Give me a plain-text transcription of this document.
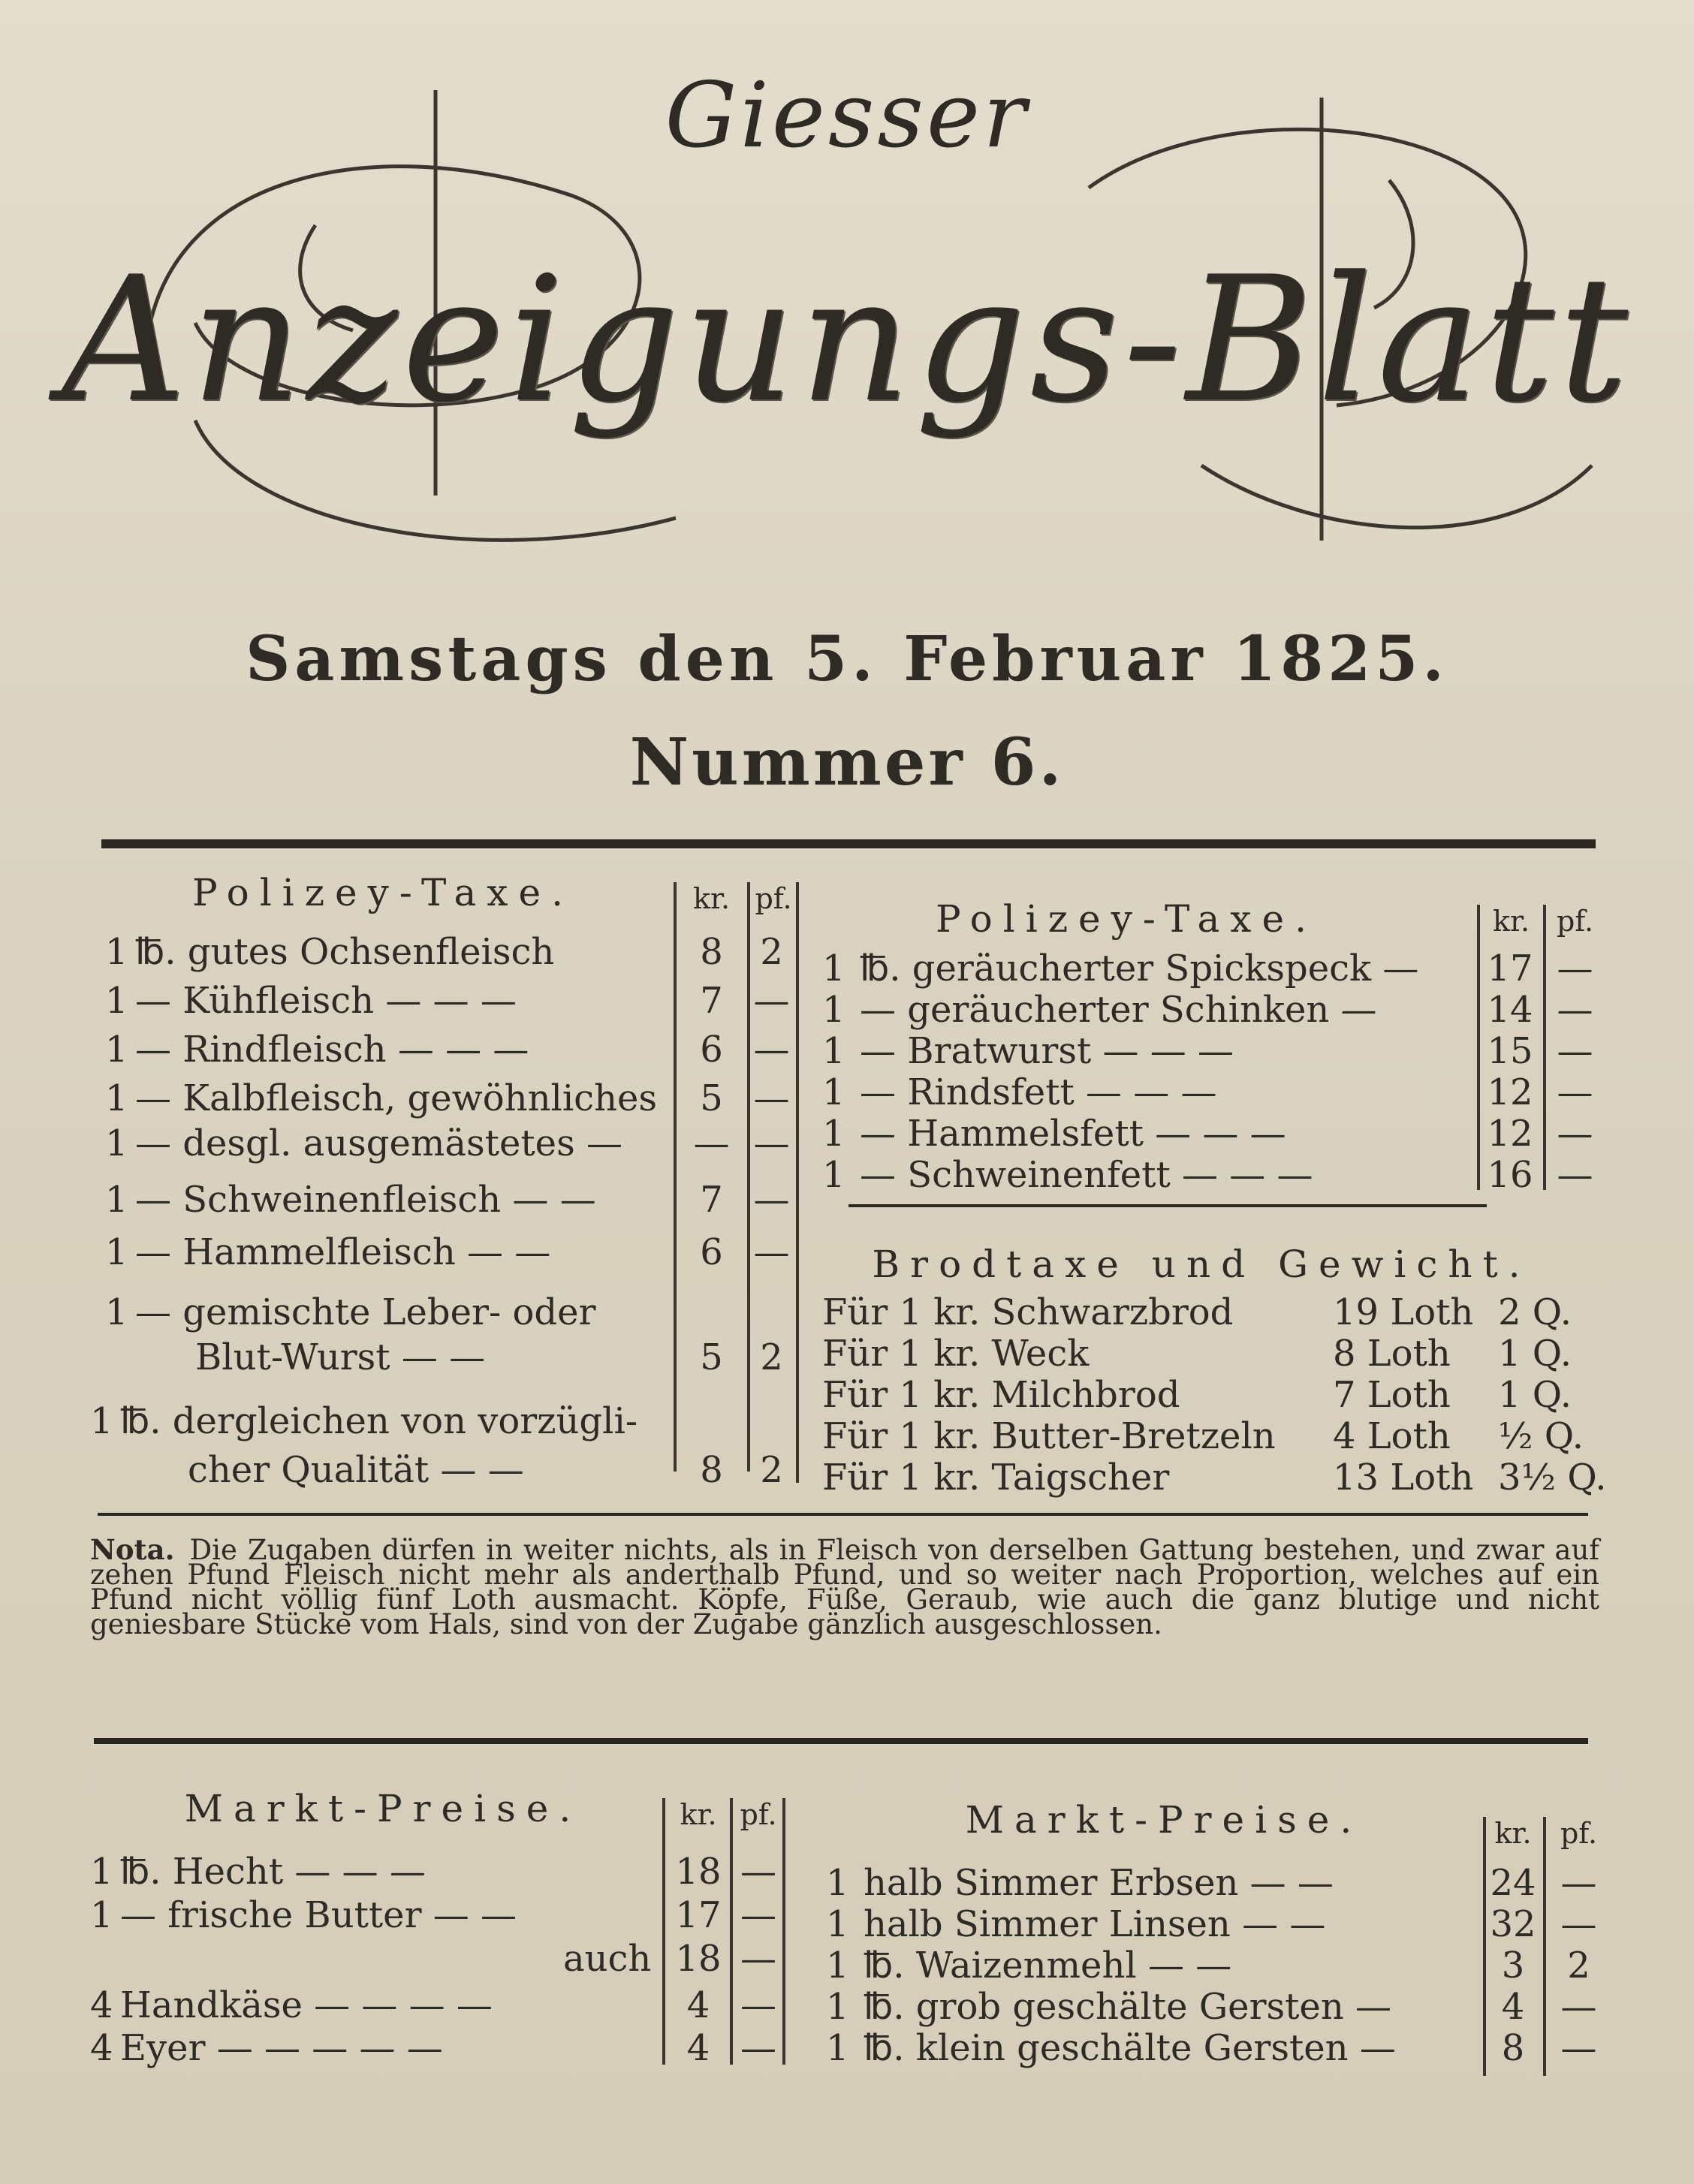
Giesser
Anzeigungs-Blatt
Samstags den 5. Februar 1825.
Nummer 6.
Polizey-Taxe.	kr. pf.
1 ℔. gutes Ochsenfleisch	8	2
1 — Kühfleisch — — —	7 —
1 — Rindfleisch — — —	6 —
1 — Kalbfleisch, gewöhnliches	5 —
1 — desgl. ausgemästetes —	— —
1 — Schweinenfleisch — —	7 —
1 — Hammelfleisch — —	6 —
1 — gemischte Leber- oder
Blut-Wurst — —	5	2
1 ℔. dergleichen von vorzügli-
cher Qualität — —	8	2
Polizey-Taxe.	kr. pf.
1 ℔. geräucherter Spickspeck — 17 —
1 — geräucherter Schinken —	14 —
1 — Bratwurst — — —	15 —
1 — Rindsfett — — —	12 —
1 — Hammelsfett — — —	12 —
1 — Schweinenfett — — —	16 —
Brodtaxe und Gewicht.
Für 1 kr. Schwarzbrod	19 Loth 2 Q.
Für 1 kr. Weck	8 Loth 1 Q.
Für 1 kr. Milchbrod	7 Loth 1 Q.
Für 1 kr. Butter-Bretzeln 4 Loth ½ Q.
Für 1 kr. Taigscher	13 Loth 3½ Q.
Nota. Die Zugaben dürfen in weiter nichts, als in Fleisch von derselben Gattung bestehen, und zwar auf zehen Pfund Fleisch nicht mehr als anderthalb Pfund, und so weiter nach Proportion, welches auf ein Pfund nicht völlig fünf Loth ausmacht. Köpfe, Füße, Geraub, wie auch die ganz blutige und nicht geniesbare Stücke vom Hals, sind von der Zugabe gänzlich ausgeschlossen.
Markt-Preise.	kr. pf.
1 ℔. Hecht — — —	18 —
1 — frische Butter — —	17 —
auch 18 —
4 Handkäse — — — —	4 —
4 Eyer — — — — —	4 —
Markt-Preise.	kr.	pf.
1 halb Simmer Erbsen — —	24 —
1 halb Simmer Linsen — —	32 —
1 ℔. Waizenmehl — —	3	2
1 ℔. grob geschälte Gersten —	4	—
1 ℔. klein geschälte Gersten —	8	—
